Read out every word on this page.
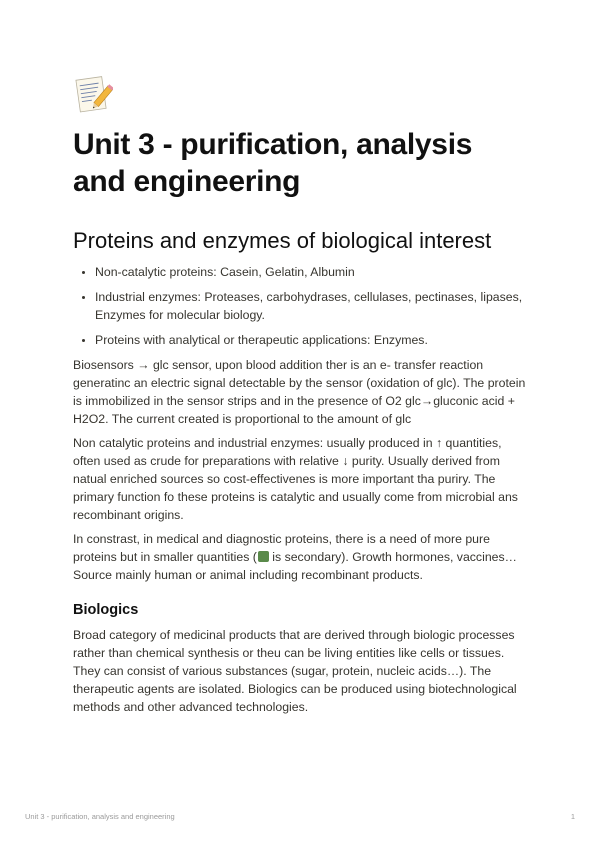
Unit 3 - purification, analysis and engineering
Proteins and enzymes of biological interest
• Non-catalytic proteins: Casein, Gelatin, Albumin
• Industrial enzymes: Proteases, carbohydrases, cellulases, pectinases, lipases, Enzymes for molecular biology.
• Proteins with analytical or therapeutic applications: Enzymes.

Biosensors → glc sensor, upon blood addition ther is an e- transfer reaction generatinc an electric signal detectable by the sensor (oxidation of glc). The protein is immobilized in the sensor strips and in the presence of O2 glc→gluconic acid + H2O2. The current created is proportional to the amount of glc

Non catalytic proteins and industrial enzymes: usually produced in ↑ quantities, often used as crude for preparations with relative ↓ purity. Usually derived from natual enriched sources so cost-effectivenes is more important tha puriry. The primary function fo these proteins is catalytic and usually come from microbial ans recombinant origins.

In constrast, in medical and diagnostic proteins, there is a need of more pure proteins but in smaller quantities ( is secondary). Growth hormones, vaccines… Source mainly human or animal including recombinant products.

Biologics

Broad category of medicinal products that are derived through biologic processes rather than chemical synthesis or theu can be living entities like cells or tissues. They can consist of various substances (sugar, protein, nucleic acids…). The therapeutic agents are isolated. Biologics can be produced using biotechnological methods and other advanced technologies.

Unit 3 - purification, analysis and engineering	1
